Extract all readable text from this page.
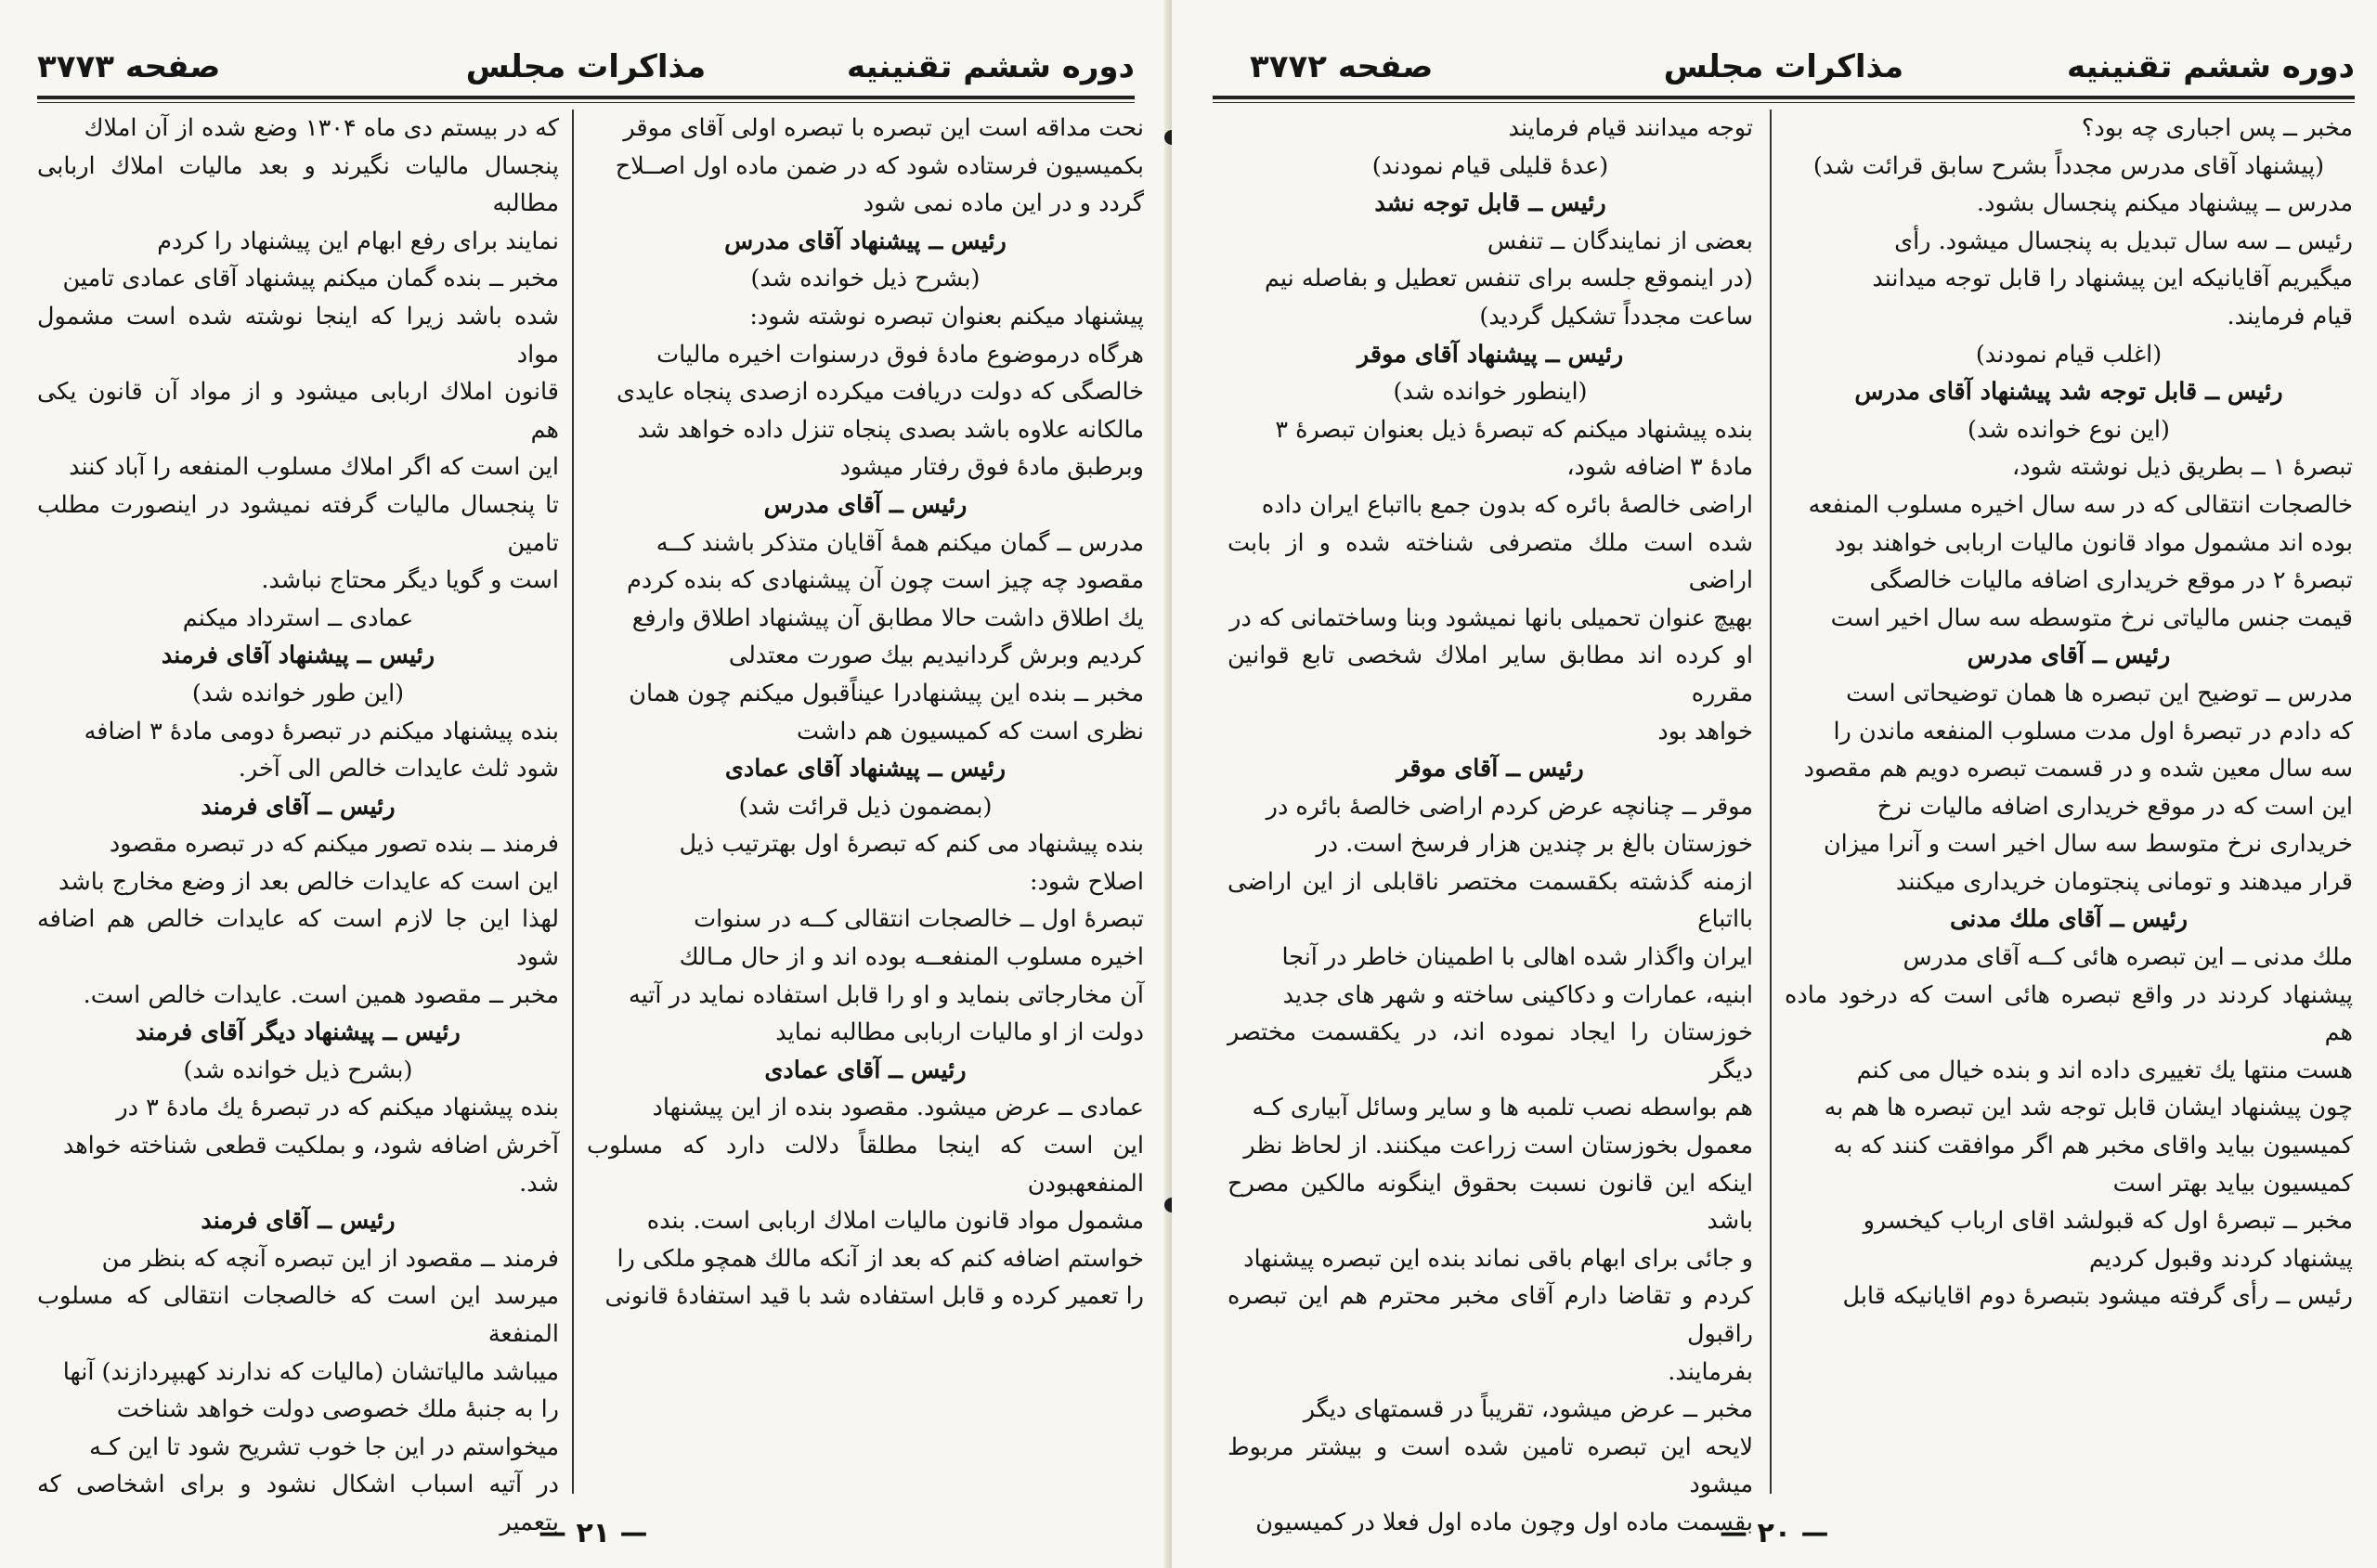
دوره ششم تقنینیه
مذاکرات مجلس
صفحه ۳۷۷۳

نحت مداقه است این تبصره با تبصره اولی آقای موقر

بکمیسیون فرستاده شود که در ضمن ماده اول اصــلاح

گردد و در این ماده نمی شود

رئیس ــ پیشنهاد آقای مدرس

(بشرح ذیل خوانده شد)

پیشنهاد میکنم بعنوان تبصره نوشته شود:

هرگاه درموضوع مادهٔ فوق درسنوات اخیره مالیات

خالصگی که دولت دریافت میکرده ازصدی پنجاه عایدی

مالکانه علاوه باشد بصدی پنجاه تنزل داده خواهد شد

وبرطبق مادهٔ فوق رفتار میشود

رئیس ــ آقای مدرس

مدرس ــ گمان میکنم همهٔ آقایان متذکر باشند کــه

مقصود چه چیز است چون آن پیشنهادی که بنده کردم

یك اطلاق داشت حالا مطابق آن پیشنهاد اطلاق وارفع

کردیم وبرش گردانیدیم بیك صورت معتدلی

مخبر ــ بنده این پیشنهادرا عیناًقبول میکنم چون همان

نظری است که کمیسیون هم داشت

رئیس ــ پیشنهاد آقای عمادی

(بمضمون ذیل قرائت شد)

بنده پیشنهاد می کنم که تبصرهٔ اول بهترتیب ذیل

اصلاح شود:

تبصرهٔ اول ــ خالصجات انتقالی کــه در سنوات

اخیره مسلوب المنفعــه بوده اند و از حال مـالك

آن مخارجاتی بنماید و او را قابل استفاده نماید در آتیه

دولت از او مالیات اربابی مطالبه نماید

رئیس ــ آقای عمادی

عمادی ــ عرض میشود. مقصود بنده از این پیشنهاد

این است که اینجا مطلقاً دلالت دارد که مسلوب المنفعهبودن

مشمول مواد قانون مالیات املاك اربابی است. بنده

خواستم اضافه کنم که بعد از آنکه مالك همچو ملکی را

را تعمیر کرده و قابل استفاده شد با قید استفادهٔ قانونی

که در بیستم دی ماه ۱۳۰۴ وضع شده از آن املاك

پنجسال مالیات نگیرند و بعد مالیات املاك اربابی مطالبه

نمایند برای رفع ابهام این پیشنهاد را کردم

مخبر ــ بنده گمان میکنم پیشنهاد آقای عمادی تامین

شده باشد زیرا که اینجا نوشته شده است مشمول مواد

قانون املاك اربابی میشود و از مواد آن قانون یکی هم

این است که اگر املاك مسلوب المنفعه را آباد کنند

تا پنجسال مالیات گرفته نمیشود در اینصورت مطلب تامین

است و گویا دیگر محتاج نباشد.

عمادی ــ استرداد میکنم

رئیس ــ پیشنهاد آقای فرمند

(این طور خوانده شد)

بنده پیشنهاد میکنم در تبصرهٔ دومی مادهٔ ۳ اضافه

شود ثلث عایدات خالص الی آخر.

رئیس ــ آقای فرمند

فرمند ــ بنده تصور میکنم که در تبصره مقصود

این است که عایدات خالص بعد از وضع مخارج باشد

لهذا این جا لازم است که عایدات خالص هم اضافه شود

مخبر ــ مقصود همین است. عایدات خالص است.

رئیس ــ پیشنهاد دیگر آقای فرمند

(بشرح ذیل خوانده شد)

بنده پیشنهاد میکنم که در تبصرهٔ یك مادهٔ ۳ در

آخرش اضافه شود، و بملکیت قطعی شناخته خواهد

شد.

رئیس ــ آقای فرمند

فرمند ــ مقصود از این تبصره آنچه که بنظر من

میرسد این است که خالصجات انتقالی که مسلوب المنفعة

میباشد مالیاتشان (مالیات که ندارند کهبپردازند) آنها

را به جنبهٔ ملك خصوصی دولت خواهد شناخت

میخواستم در این جا خوب تشریح شود تا این کـه

در آتیه اسباب اشکال نشود و برای اشخاصی که بتعمیر

— ۲۱ —
دوره ششم تقنینیه
مذاکرات مجلس
صفحه ۳۷۷۲

مخبر ــ پس اجباری چه بود؟

(پیشنهاد آقای مدرس مجدداً بشرح سابق قرائت شد)

مدرس ــ پیشنهاد میکنم پنجسال بشود.

رئیس ــ سه سال تبدیل به پنجسال میشود. رأی

میگیریم آقایانیکه این پیشنهاد را قابل توجه میدانند

قیام فرمایند.

(اغلب قیام نمودند)

رئیس ــ قابل توجه شد پیشنهاد آقای مدرس

(این نوع خوانده شد)

تبصرهٔ ۱ ــ بطریق ذیل نوشته شود،

خالصجات انتقالی که در سه سال اخیره مسلوب المنفعه

بوده اند مشمول مواد قانون مالیات اربابی خواهند بود

تبصرهٔ ۲ در موقع خریداری اضافه مالیات خالصگی

قیمت جنس مالیاتی نرخ متوسطه سه سال اخیر است

رئیس ــ آقای مدرس

مدرس ــ توضیح این تبصره ها همان توضیحاتی است

که دادم در تبصرهٔ اول مدت مسلوب المنفعه ماندن را

سه سال معین شده و در قسمت تبصره دویم هم مقصود

این است که در موقع خریداری اضافه مالیات نرخ

خریداری نرخ متوسط سه سال اخیر است و آنرا میزان

قرار میدهند و تومانی پنجتومان خریداری میکنند

رئیس ــ آقای ملك مدنی

ملك مدنی ــ این تبصره هائی کــه آقای مدرس

پیشنهاد کردند در واقع تبصره هائی است که درخود ماده هم

هست منتها یك تغییری داده اند و بنده خیال می کنم

چون پیشنهاد ایشان قابل توجه شد این تبصره ها هم به

کمیسیون بیاید واقای مخبر هم اگر موافقت کنند که به

کمیسیون بیاید بهتر است

مخبر ــ تبصرهٔ اول که قبولشد اقای ارباب کیخسرو

پیشنهاد کردند وقبول کردیم

رئیس ــ رأی گرفته میشود بتبصرهٔ دوم اقایانیکه قابل

توجه میدانند قیام فرمایند

(عدهٔ قلیلی قیام نمودند)

رئیس ــ قابل توجه نشد

بعضی از نمایندگان ــ تنفس

(در اینموقع جلسه برای تنفس تعطیل و بفاصله نیم

ساعت مجدداً تشکیل گردید)

رئیس ــ پیشنهاد آقای موقر

(اینطور خوانده شد)

بنده پیشنهاد میکنم که تبصرهٔ ذیل بعنوان تبصرهٔ ۳

مادهٔ ۳ اضافه شود،

اراضی خالصهٔ بائره که بدون جمع بااتباع ایران داده

شده است ملك متصرفی شناخته شده و از بابت اراضی

بهیچ عنوان تحمیلی بانها نمیشود وبنا وساختمانی که در

او کرده اند مطابق سایر املاك شخصی تابع قوانین مقرره

خواهد بود

رئیس ــ آقای موقر

موقر ــ چنانچه عرض کردم اراضی خالصهٔ بائره در

خوزستان بالغ بر چندین هزار فرسخ است. در

ازمنه گذشته بکقسمت مختصر ناقابلی از این اراضی بااتباع

ایران واگذار شده اهالی با اطمینان خاطر در آنجا

ابنیه، عمارات و دکاکینی ساخته و شهر های جدید

خوزستان را ایجاد نموده اند، در یکقسمت مختصر دیگر

هم بواسطه نصب تلمبه ها و سایر وسائل آبیاری کـه

معمول بخوزستان است زراعت میکنند. از لحاظ نظر

اینکه این قانون نسبت بحقوق اینگونه مالکین مصرح باشد

و جائی برای ابهام باقی نماند بنده این تبصره پیشنهاد

کردم و تقاضا دارم آقای مخبر محترم هم این تبصره راقبول

بفرمایند.

مخبر ــ عرض میشود، تقریباً در قسمتهای دیگر

لایحه این تبصره تامین شده است و بیشتر مربوط میشود

بقسمت ماده اول وچون ماده اول فعلا در کمیسیون

— ۲۰ —
